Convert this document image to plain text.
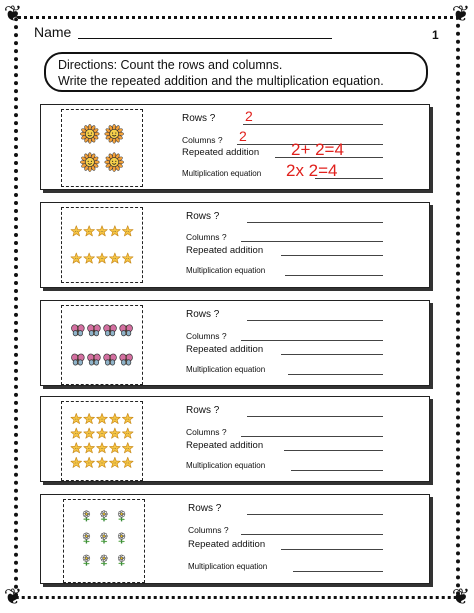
❦	❦
❦	❦
Name	1
Directions: Count the rows and columns.
Write the repeated addition and the multiplication equation.
Rows ? 2
Columns ? 2
Repeated addition 2+ 2=4
Multiplication equation 2x 2=4
Rows ?
Columns ?
Repeated addition
Multiplication equation
Rows ?
Columns ?
Repeated addition
Multiplication equation
Rows ?
Columns ?
Repeated addition
Multiplication equation
Rows ?
Columns ?
Repeated addition
Multiplication equation
